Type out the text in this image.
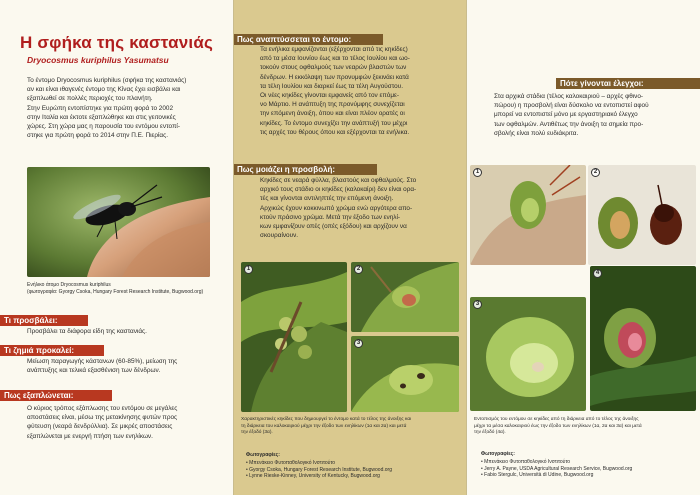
Η σφήκα της καστανιάς
Dryocosmus kuriphilus Yasumatsu

Το έντομο Dryocosmus kuriphilus (σφήκα της καστανιάς)

αν και είναι ιθαγενές έντομο της Κίνας έχει εισβάλει και

εξαπλωθεί σε πολλές περιοχές του πλανήτη.

Στην Ευρώπη εντοπίστηκε για πρώτη φορά το 2002

στην Ιταλία και έκτοτε εξαπλώθηκε και στις γειτονικές

χώρες. Στη χώρα μας η παρουσία του εντόμου εντοπί-

στηκε για πρώτη φορά το 2014 στην Π.Ε. Πιερίας.

Ενήλικο άτομο Dryocosmus kuriphilus

(φωτογραφία: Gyorgy Csoka, Hungary Forest Research Institute, Bugwood.org)

Τι προσβάλει:

Προσβάλει τα διάφορα είδη της καστανιάς.

Τι ζημιά προκαλεί:

Μείωση παραγωγής κάστανων (60-85%), μείωση της

ανάπτυξης και τελικά εξασθένιση των δένδρων.

Πως εξαπλώνεται:

Ο κύριος τρόπος εξάπλωσης του εντόμου σε μεγάλες

αποστάσεις είναι, μέσω της μετακίνησης φυτών προς

φύτευση (νεαρά δενδρύλλια). Σε μικρές αποστάσεις

εξαπλώνεται με ενεργή πτήση των ενηλίκων.

Πως αναπτύσσεται το έντομο:

Τα ενήλικα εμφανίζονται (εξέρχονται από τις κηκίδες)

από τα μέσα Ιουνίου έως και το τέλος Ιουλίου και ωο-

τοκούν στους οφθαλμούς των νεαρών βλαστών των

δένδρων. Η εκκόλαψη των προνυμφών ξεκινάει κατά

τα τέλη Ιουλίου και διαρκεί έως τα τέλη Αυγούστου.

Οι νέες κηκίδες γίνονται εμφανείς από τον επόμε-

νο Μάρτιο. Η ανάπτυξη της προνύμφης συνεχίζεται

την επόμενη άνοιξη, όπου και είναι πλέον ορατές οι

κηκίδες. Το έντομο συνεχίζει την ανάπτυξή του μέχρι

τις αρχές του θέρους όπου και εξέρχονται τα ενήλικα.

Πως μοιάζει η προσβολή:

Κηκίδες σε νεαρά φύλλα, βλαστούς και οφθαλμούς. Στο

αρχικό τους στάδιο οι κηκίδες (καλοκαίρι) δεν είναι ορα-

τές και γίνονται αντιληπτές την επόμενη άνοιξη.

Αρχικώς έχουν κοκκινωπό χρώμα ενώ αργότερα απο-

κτούν πράσινο χρώμα. Μετά την έξοδο των ενηλί-

κων εμφανίζουν οπές (οπές εξόδου) και αρχίζουν να

σκουραίνουν.

1	2
3

Χαρακτηριστικές κηκίδες που δημιουργεί το έντομο κατά το τέλος της άνοιξης και

τη διάρκεια του καλοκαιριού μέχρι την έξοδο των ενηλίκων (1α και 2α) και μετά

την έξοδό (3α).

Φωτογραφίες:

• Μπενάκειο Φυτοπαθολογικό Ινστιτούτο

• Gyorgy Csoka, Hungary Forest Research Institute, Bugwood.org

• Lynne Rieske-Kinney, University of Kentucky, Bugwood.org

Πότε γίνονται έλεγχοι:

Στα αρχικά στάδια (τέλος καλοκαιριού – αρχές φθινο-

πώρου) η προσβολή είναι δύσκολο να εντοπιστεί αφού

μπορεί να εντοπιστεί μόνο με εργαστηριακό έλεγχο

των οφθαλμών. Αντιθέτως την άνοιξη τα σημεία προ-

σβολής είναι πολύ ευδιάκριτα.

1	2
3
4

Εντοπισμός του εντόμου σε κηκίδες από τη διάρκεια από το τέλος της άνοιξης

μέχρι τα μέσα καλοκαιριού έως την έξοδο των ενηλίκων (1α, 2α και 3α) και μετά

την έξοδό (4α).

Φωτογραφίες:

• Μπενάκειο Φυτοπαθολογικό Ινστιτούτο

• Jerry A. Payne, USDA Agricultural Research Service, Bugwood.org

• Fabio Stergulc, Università di Udine, Bugwood.org
